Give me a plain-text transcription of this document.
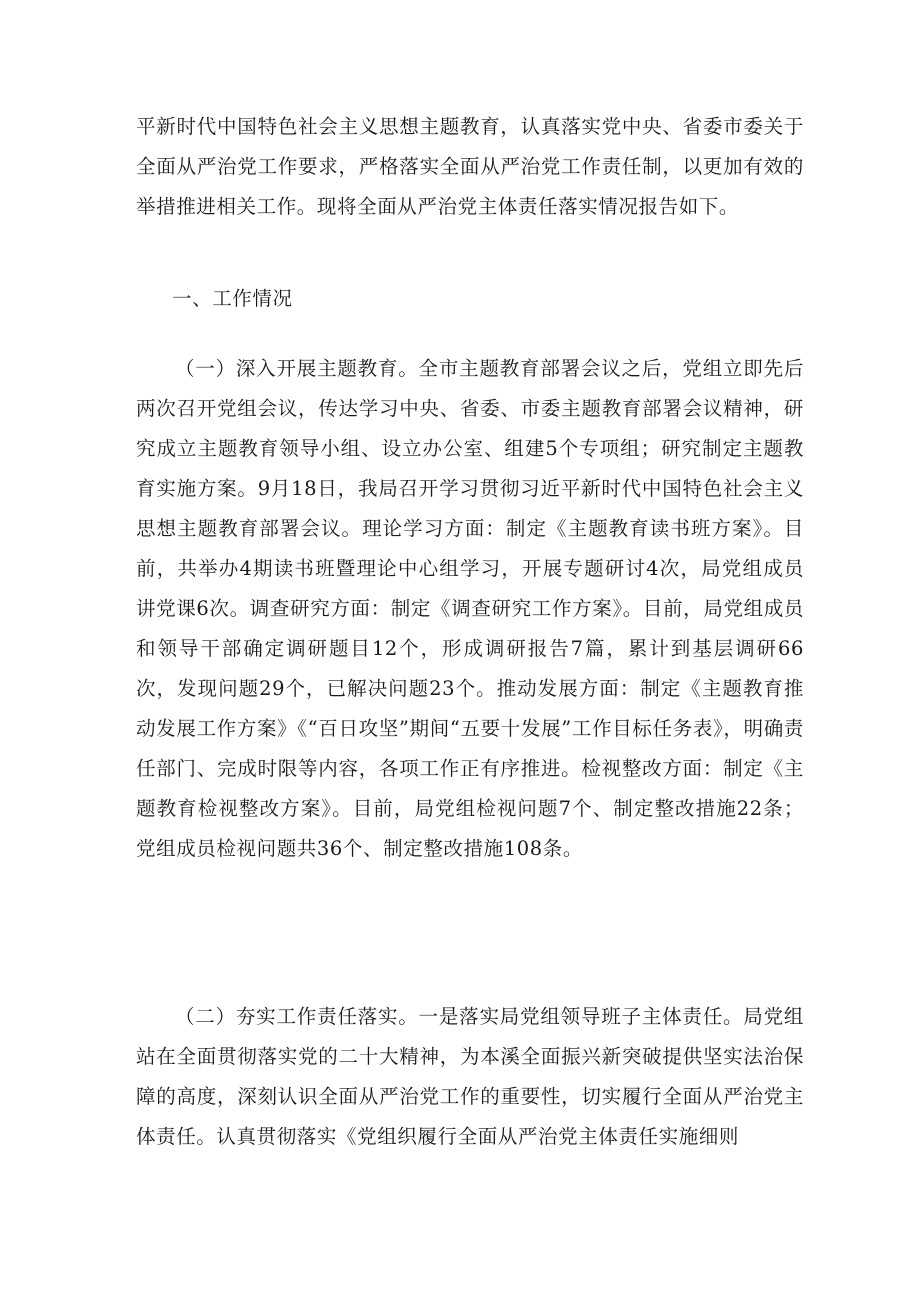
平新时代中国特色社会主义思想主题教育，认真落实党中央、省委市委关于全面从严治党工作要求，严格落实全面从严治党工作责任制，以更加有效的举措推进相关工作。现将全面从严治党主体责任落实情况报告如下。

一、工作情况

（一）深入开展主题教育。全市主题教育部署会议之后，党组立即先后两次召开党组会议，传达学习中央、省委、市委主题教育部署会议精神，研究成立主题教育领导小组、设立办公室、组建5个专项组；研究制定主题教育实施方案。9月18日，我局召开学习贯彻习近平新时代中国特色社会主义思想主题教育部署会议。理论学习方面：制定《主题教育读书班方案》。目前，共举办4期读书班暨理论中心组学习，开展专题研讨4次，局党组成员讲党课6次。调查研究方面：制定《调查研究工作方案》。目前，局党组成员和领导干部确定调研题目12个，形成调研报告7篇，累计到基层调研66次，发现问题29个，已解决问题23个。推动发展方面：制定《主题教育推动发展工作方案》《“百日攻坚”期间“五要十发展”工作目标任务表》，明确责任部门、完成时限等内容，各项工作正有序推进。检视整改方面：制定《主题教育检视整改方案》。目前，局党组检视问题7个、制定整改措施22条；党组成员检视问题共36个、制定整改措施108条。

（二）夯实工作责任落实。一是落实局党组领导班子主体责任。局党组站在全面贯彻落实党的二十大精神，为本溪全面振兴新突破提供坚实法治保障的高度，深刻认识全面从严治党工作的重要性，切实履行全面从严治党主体责任。认真贯彻落实《党组织履行全面从严治党主体责任实施细则
